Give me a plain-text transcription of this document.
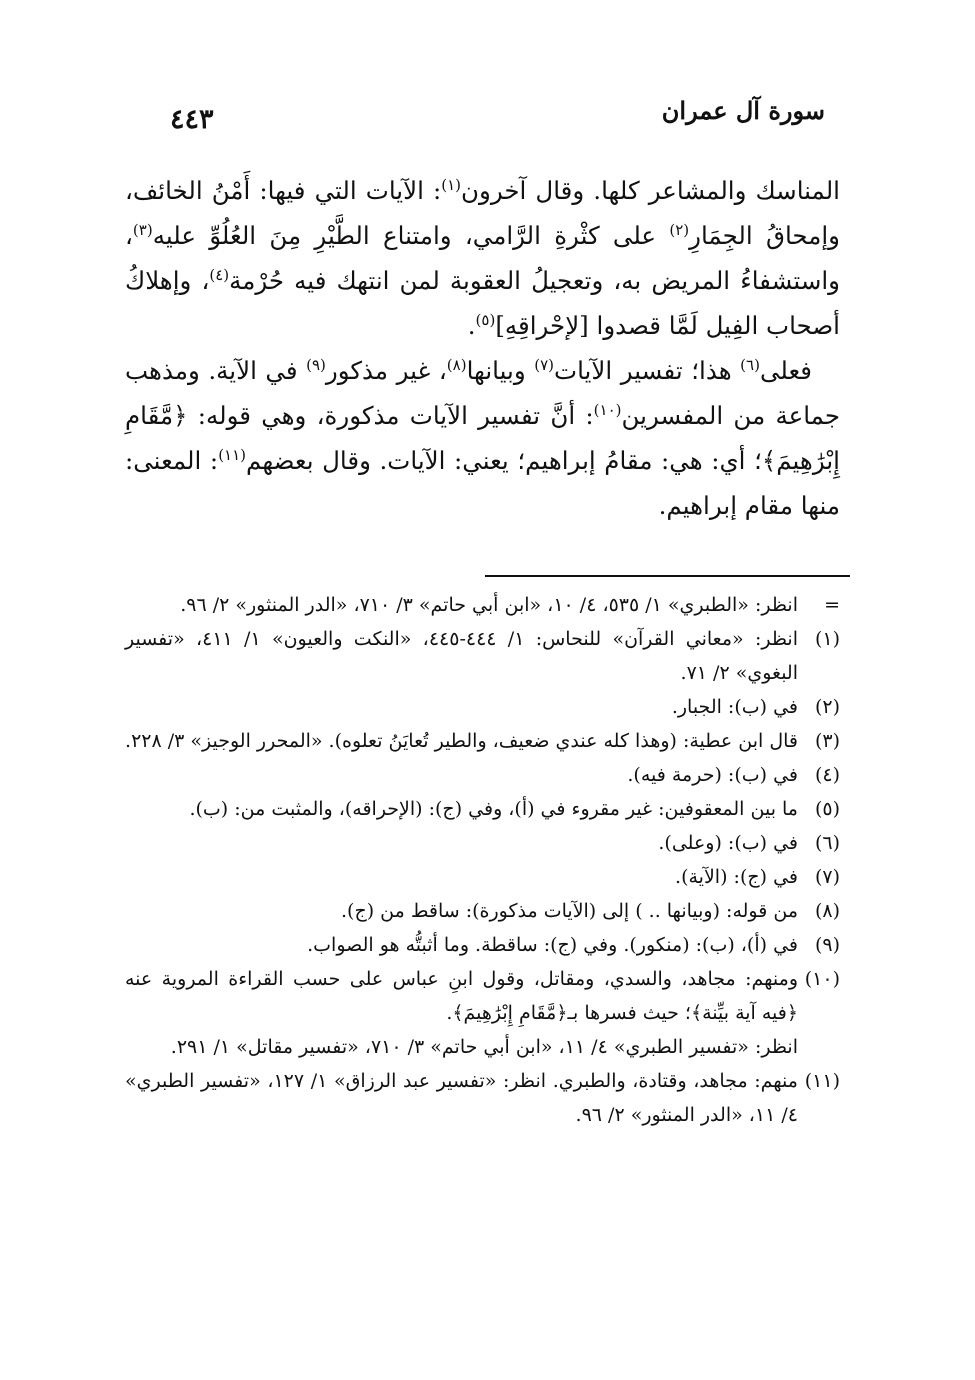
سورة آل عمران
٤٤٣

المناسك والمشاعر كلها. وقال آخرون$^{(١)}$: الآيات التي فيها: أَمْنُ الخائف، وإمحاقُ الجِمَارِ$^{(٢)}$ على كثْرةِ الرَّامي، وامتناع الطَّيْرِ مِنَ العُلُوِّ عليه$^{(٣)}$، واستشفاءُ المريض به، وتعجيلُ العقوبة لمن انتهك فيه حُرْمة$^{(٤)}$، وإهلاكُ أصحاب الفِيل لَمَّا قصدوا [لإحْراقِهِ]$^{(٥)}$.

فعلى$^{(٦)}$ هذا؛ تفسير الآيات$^{(٧)}$ وبيانها$^{(٨)}$، غير مذكور$^{(٩)}$ في الآية. ومذهب جماعة من المفسرين$^{(١٠)}$: أنَّ تفسير الآيات مذكورة، وهي قوله: ﴿مَّقَامِ إِبْرَٰهِيمَ﴾؛ أي: هي: مقامُ إبراهيم؛ يعني: الآيات. وقال بعضهم$^{(١١)}$: المعنى: منها مقام إبراهيم.

=
انظر: «الطبري» ١/ ٥٣٥، ٤/ ١٠، «ابن أبي حاتم» ٣/ ٧١٠، «الدر المنثور» ٢/ ٩٦.
(١)
انظر: «معاني القرآن» للنحاس: ١/ ٤٤٤-٤٤٥، «النكت والعيون» ١/ ٤١١، «تفسير البغوي» ٢/ ٧١.
(٢)
في (ب): الجبار.
(٣)
قال ابن عطية: (وهذا كله عندي ضعيف، والطير تُعايَنُ تعلوه). «المحرر الوجيز» ٣/ ٢٢٨.
(٤)
في (ب): (حرمة فيه).
(٥)
ما بين المعقوفين: غير مقروء في (أ)، وفي (ج): (الإحراقه)، والمثبت من: (ب).
(٦)
في (ب): (وعلى).
(٧)
في (ج): (الآية).
(٨)
من قوله: (وبيانها .. ) إلى (الآيات مذكورة): ساقط من (ج).
(٩)
في (أ)، (ب): (منكور). وفي (ج): ساقطة. وما أثبتُّه هو الصواب.
(١٠)
ومنهم: مجاهد، والسدي، ومقاتل، وقول ابنِ عباس على حسب القراءة المروية عنه ﴿فيه آية بيِّنة﴾؛ حيث فسرها بـ﴿مَّقَامِ إِبْرَٰهِيمَ﴾.
انظر: «تفسير الطبري» ٤/ ١١، «ابن أبي حاتم» ٣/ ٧١٠، «تفسير مقاتل» ١/ ٢٩١.
(١١)
منهم: مجاهد، وقتادة، والطبري. انظر: «تفسير عبد الرزاق» ١/ ١٢٧، «تفسير الطبري» ٤/ ١١، «الدر المنثور» ٢/ ٩٦.
